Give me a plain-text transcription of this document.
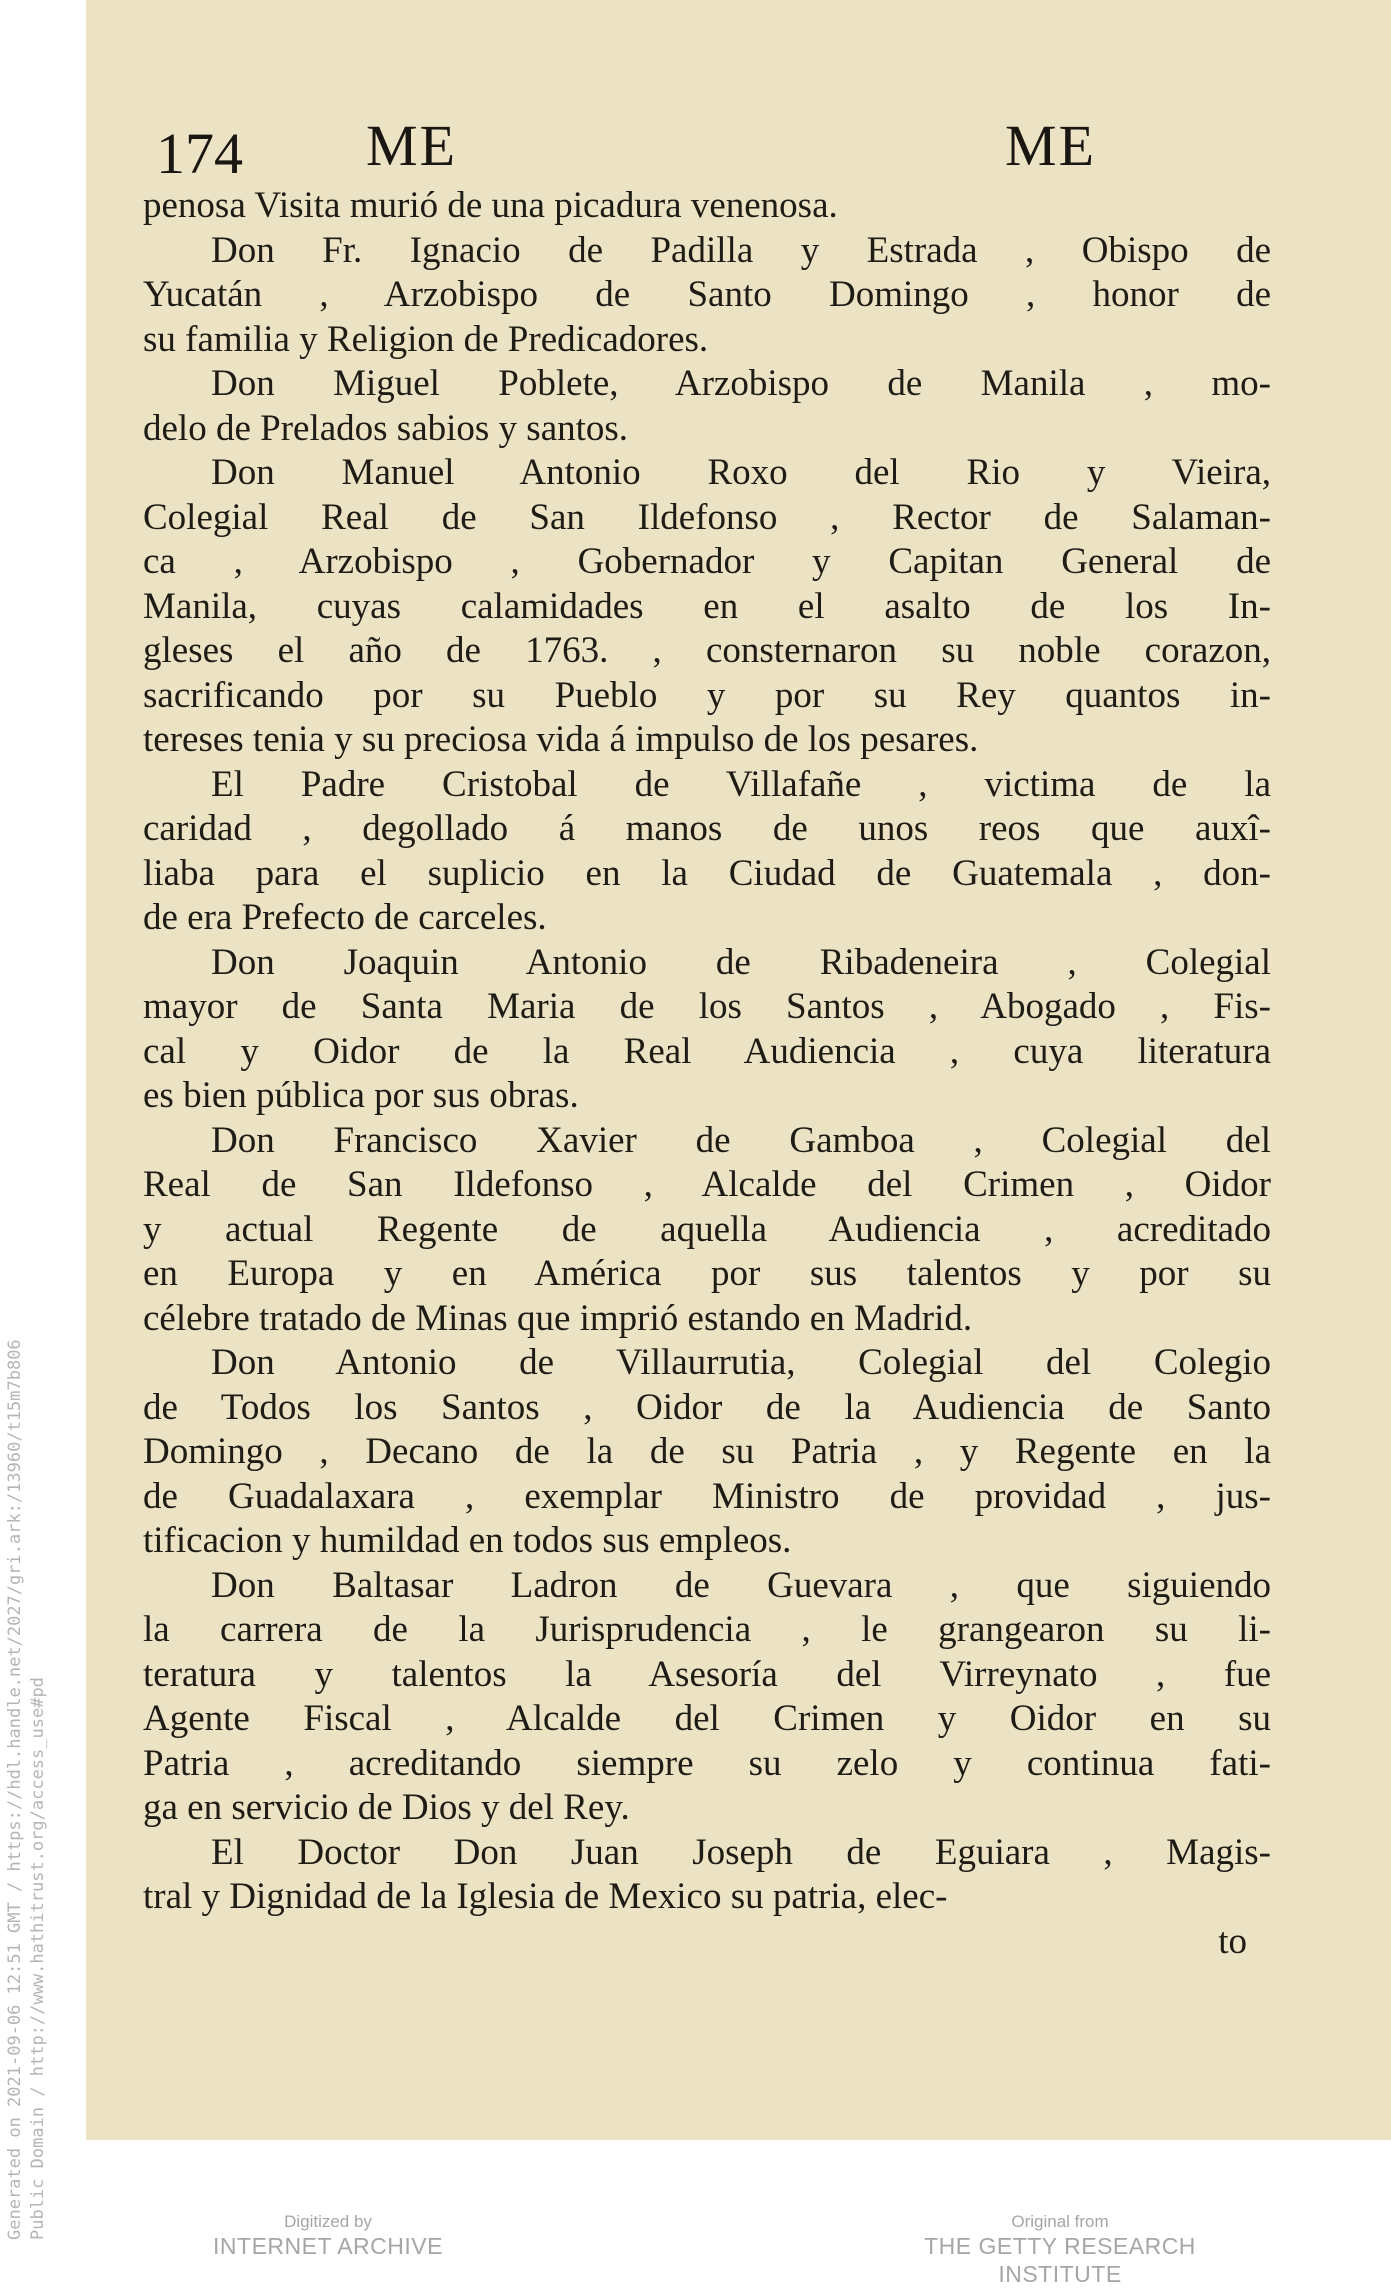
Generated on 2021-09-06 12:51 GMT / https://hdl.handle.net/2027/gri.ark:/13960/t15m7b806 Public Domain / http://www.hathitrust.org/access_use#pd
174 ME	ME
penosa Visita murió de una picadura venenosa.
Don Fr. Ignacio de Padilla y Estrada , Obispo de
Yucatán , Arzobispo de Santo Domingo , honor de
su familia y Religion de Predicadores.
Don Miguel Poblete, Arzobispo de Manila , mo-
delo de Prelados sabios y santos.
Don Manuel Antonio Roxo del Rio y Vieira,
Colegial Real de San Ildefonso , Rector de Salaman-
ca , Arzobispo , Gobernador y Capitan General de
Manila, cuyas calamidades en el asalto de los In-
gleses el año de 1763. , consternaron su noble corazon,
sacrificando por su Pueblo y por su Rey quantos in-
tereses tenia y su preciosa vida á impulso de los pesares.
El Padre Cristobal de Villafañe , victima de la
caridad , degollado á manos de unos reos que auxî-
liaba para el suplicio en la Ciudad de Guatemala , don-
de era Prefecto de carceles.
Don Joaquin Antonio de Ribadeneira , Colegial
mayor de Santa Maria de los Santos , Abogado , Fis-
cal y Oidor de la Real Audiencia , cuya literatura
es bien pública por sus obras.
Don Francisco Xavier de Gamboa , Colegial del
Real de San Ildefonso , Alcalde del Crimen , Oidor
y actual Regente de aquella Audiencia , acreditado
en Europa y en América por sus talentos y por su
célebre tratado de Minas que imprió estando en Madrid.
Don Antonio de Villaurrutia, Colegial del Colegio
de Todos los Santos , Oidor de la Audiencia de Santo
Domingo , Decano de la de su Patria , y Regente en la
de Guadalaxara , exemplar Ministro de providad , jus-
tificacion y humildad en todos sus empleos.
Don Baltasar Ladron de Guevara , que siguiendo
la carrera de la Jurisprudencia , le grangearon su li-
teratura y talentos la Asesoría del Virreynato , fue
Agente Fiscal , Alcalde del Crimen y Oidor en su
Patria , acreditando siempre su zelo y continua fati-
ga en servicio de Dios y del Rey.
El Doctor Don Juan Joseph de Eguiara , Magis-
tral y Dignidad de la Iglesia de Mexico su patria, elec-
to
Digitized by
INTERNET ARCHIVE
Original from
THE GETTY RESEARCH INSTITUTE
